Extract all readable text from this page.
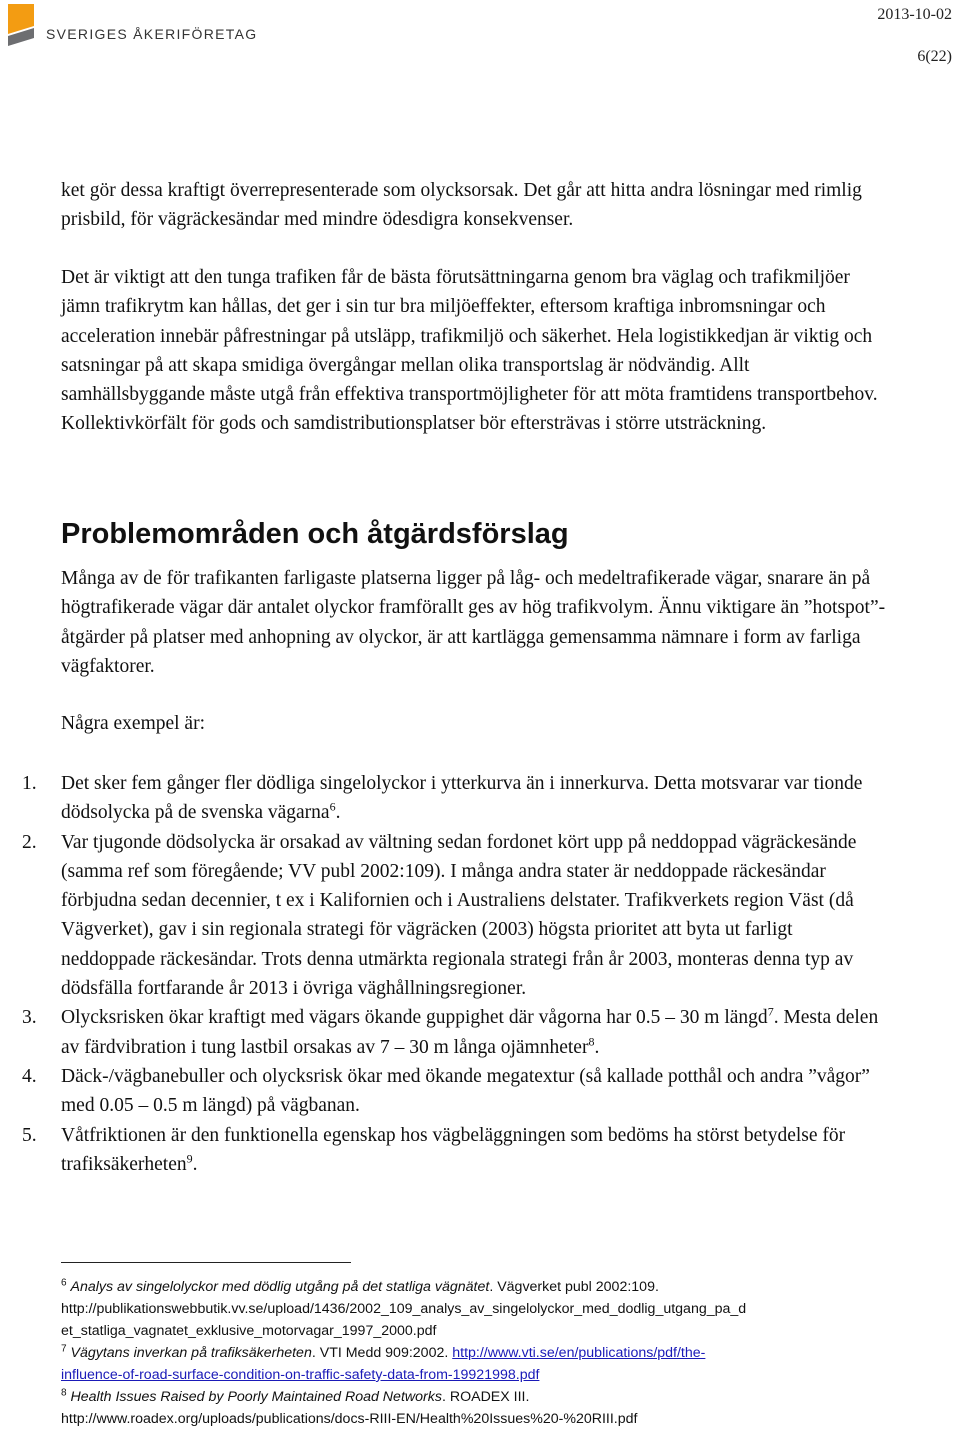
SVERIGES ÅKERIFÖRETAG
2013-10-02
6(22)
ket gör dessa kraftigt överrepresenterade som olycksorsak. Det går att hitta andra lösningar med rimlig prisbild, för vägräckesändar med mindre ödesdigra konsekvenser.
Det är viktigt att den tunga trafiken får de bästa förutsättningarna genom bra väglag och trafikmiljöer jämn trafikrytm kan hållas, det ger i sin tur bra miljöeffekter, eftersom kraftiga inbromsningar och acceleration innebär påfrestningar på utsläpp, trafikmiljö och säkerhet. Hela logistikkedjan är viktig och satsningar på att skapa smidiga övergångar mellan olika transportslag är nödvändig. Allt samhällsbyggande måste utgå från effektiva transportmöjligheter för att möta framtidens transportbehov. Kollektivkörfält för gods och samdistributionsplatser bör eftersträvas i större utsträckning.
Problemområden och åtgärdsförslag
Många av de för trafikanten farligaste platserna ligger på låg- och medeltrafikerade vägar, snarare än på högtrafikerade vägar där antalet olyckor framförallt ges av hög trafikvolym. Ännu viktigare än ”hotspot”-åtgärder på platser med anhopning av olyckor, är att kartlägga gemensamma nämnare i form av farliga vägfaktorer.
Några exempel är:
1. Det sker fem gånger fler dödliga singelolyckor i ytterkurva än i innerkurva. Detta motsvarar var tionde dödsolycka på de svenska vägarna$^6$.
2. Var tjugonde dödsolycka är orsakad av vältning sedan fordonet kört upp på neddoppad vägräckesände (samma ref som föregående; VV publ 2002:109). I många andra stater är neddoppade räckesändar förbjudna sedan decennier, t ex i Kalifornien och i Australiens delstater. Trafikverkets region Väst (då Vägverket), gav i sin regionala strategi för vägräcken (2003) högsta prioritet att byta ut farligt neddoppade räckesändar. Trots denna utmärkta regionala strategi från år 2003, monteras denna typ av dödsfälla fortfarande år 2013 i övriga väghållningsregioner.
3. Olycksrisken ökar kraftigt med vägars ökande guppighet där vågorna har 0.5 – 30 m längd$^7$. Mesta delen av färdvibration i tung lastbil orsakas av 7 – 30 m långa ojämnheter$^8$.
4. Däck-/vägbanebuller och olycksrisk ökar med ökande megatextur (så kallade potthål och andra ”vågor” med 0.05 – 0.5 m längd) på vägbanan.
5. Våtfriktionen är den funktionella egenskap hos vägbeläggningen som bedöms ha störst betydelse för trafiksäkerheten$^9$.
$^6$ Analys av singelolyckor med dödlig utgång på det statliga vägnätet. Vägverket publ 2002:109.
http://publikationswebbutik.vv.se/upload/1436/2002_109_analys_av_singelolyckor_med_dodlig_utgang_pa_d
et_statliga_vagnatet_exklusive_motorvagar_1997_2000.pdf
$^7$ Vägytans inverkan på trafiksäkerheten. VTI Medd 909:2002. http://www.vti.se/en/publications/pdf/the-
influence-of-road-surface-condition-on-traffic-safety-data-from-19921998.pdf
$^8$ Health Issues Raised by Poorly Maintained Road Networks. ROADEX III.
http://www.roadex.org/uploads/publications/docs-RIII-EN/Health%20Issues%20-%20RIII.pdf
